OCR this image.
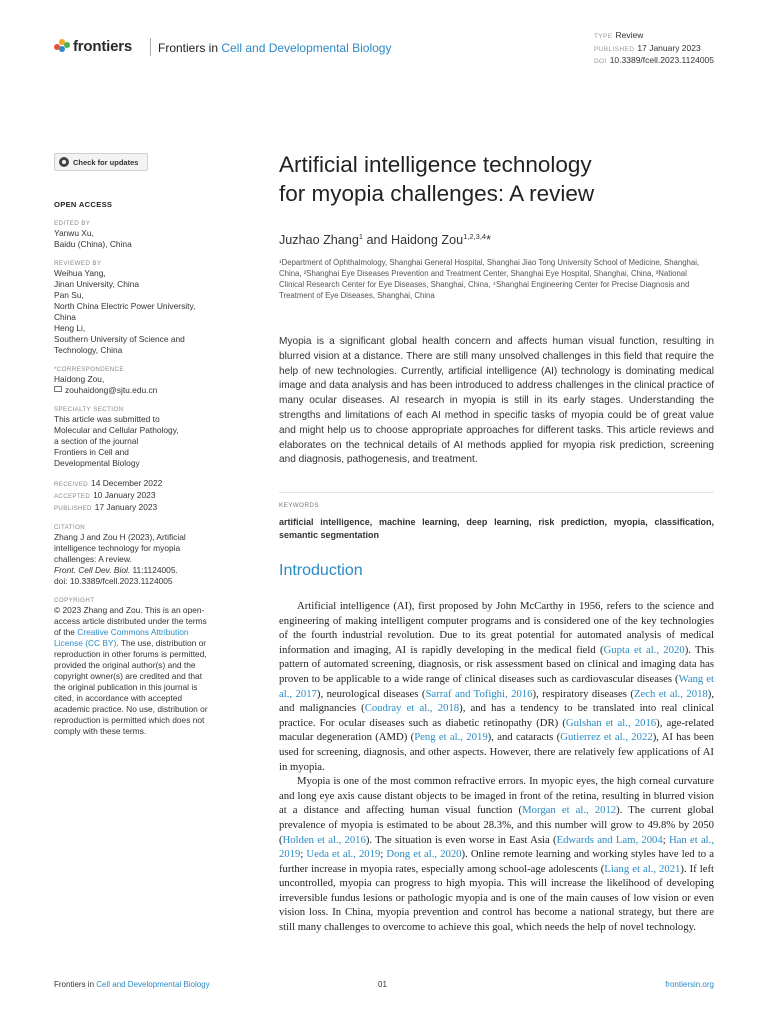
frontiers Frontiers in Cell and Developmental Biology
TYPE Review
PUBLISHED 17 January 2023
DOI 10.3389/fcell.2023.1124005
Check for updates
OPEN ACCESS
EDITED BY

Yanwu Xu,

Baidu (China), China

REVIEWED BY

Weihua Yang,

Jinan University, China

Pan Su,

North China Electric Power University,

China

Heng Li,

Southern University of Science and

Technology, China

*CORRESPONDENCE

Haidong Zou,

zouhaidong@sjtu.edu.cn

SPECIALTY SECTION

This article was submitted to

Molecular and Cellular Pathology,

a section of the journal

Frontiers in Cell and

Developmental Biology

RECEIVED 14 December 2022
ACCEPTED 10 January 2023
PUBLISHED 17 January 2023
CITATION

Zhang J and Zou H (2023), Artificial

intelligence technology for myopia

challenges: A review.

Front. Cell Dev. Biol. 11:1124005.

doi: 10.3389/fcell.2023.1124005

COPYRIGHT

© 2023 Zhang and Zou. This is an open-

access article distributed under the terms

of the Creative Commons Attribution

License (CC BY). The use, distribution or

reproduction in other forums is permitted,

provided the original author(s) and the

copyright owner(s) are credited and that

the original publication in this journal is

cited, in accordance with accepted

academic practice. No use, distribution or

reproduction is permitted which does not

comply with these terms.

Artificial intelligence technology
for myopia challenges: A review
Juzhao Zhang$^1$ and Haidong Zou$^{1,2,3,4}$*
¹Department of Ophthalmology, Shanghai General Hospital, Shanghai Jiao Tong University School of Medicine, Shanghai, China, ²Shanghai Eye Diseases Prevention and Treatment Center, Shanghai Eye Hospital, Shanghai, China, ³National Clinical Research Center for Eye Diseases, Shanghai, China, ⁴Shanghai Engineering Center for Precise Diagnosis and Treatment of Eye Diseases, Shanghai, China
Myopia is a significant global health concern and affects human visual function, resulting in blurred vision at a distance. There are still many unsolved challenges in this field that require the help of new technologies. Currently, artificial intelligence (AI) technology is dominating medical image and data analysis and has been introduced to address challenges in the clinical practice of many ocular diseases. AI research in myopia is still in its early stages. Understanding the strengths and limitations of each AI method in specific tasks of myopia could be of great value and might help us to choose appropriate approaches for different tasks. This article reviews and elaborates on the technical details of AI methods applied for myopia risk prediction, screening and diagnosis, pathogenesis, and treatment.
KEYWORDS
artificial intelligence, machine learning, deep learning, risk prediction, myopia, classification, semantic segmentation
Introduction

Artificial intelligence (AI), first proposed by John McCarthy in 1956, refers to the science and engineering of making intelligent computer programs and is considered one of the key technologies of the fourth industrial revolution. Due to its great potential for automated analysis of medical information and imaging, AI is rapidly developing in the medical field (Gupta et al., 2020). This pattern of automated screening, diagnosis, or risk assessment based on clinical and imaging data has proven to be applicable to a wide range of clinical diseases such as cardiovascular diseases (Wang et al., 2017), neurological diseases (Sarraf and Tofighi, 2016), respiratory diseases (Zech et al., 2018), and malignancies (Coudray et al., 2018), and has a tendency to be translated into real clinical practice. For ocular diseases such as diabetic retinopathy (DR) (Gulshan et al., 2016), age-related macular degeneration (AMD) (Peng et al., 2019), and cataracts (Gutierrez et al., 2022), AI has been used for screening, diagnosis, and other aspects. However, there are relatively few applications of AI in myopia.

Myopia is one of the most common refractive errors. In myopic eyes, the high corneal curvature and long eye axis cause distant objects to be imaged in front of the retina, resulting in blurred vision at a distance and affecting human visual function (Morgan et al., 2012). The current global prevalence of myopia is estimated to be about 28.3%, and this number will grow to 49.8% by 2050 (Holden et al., 2016). The situation is even worse in East Asia (Edwards and Lam, 2004; Han et al., 2019; Ueda et al., 2019; Dong et al., 2020). Online remote learning and working styles have led to a further increase in myopia rates, especially among school-age adolescents (Liang et al., 2021). If left uncontrolled, myopia can progress to high myopia. This will increase the likelihood of developing irreversible fundus lesions or pathologic myopia and is one of the main causes of low vision or even vision loss. In China, myopia prevention and control has become a national strategy, but there are still many challenges to overcome to achieve this goal, which needs the help of novel technology.

Frontiers in Cell and Developmental Biology	01	frontiersin.org
